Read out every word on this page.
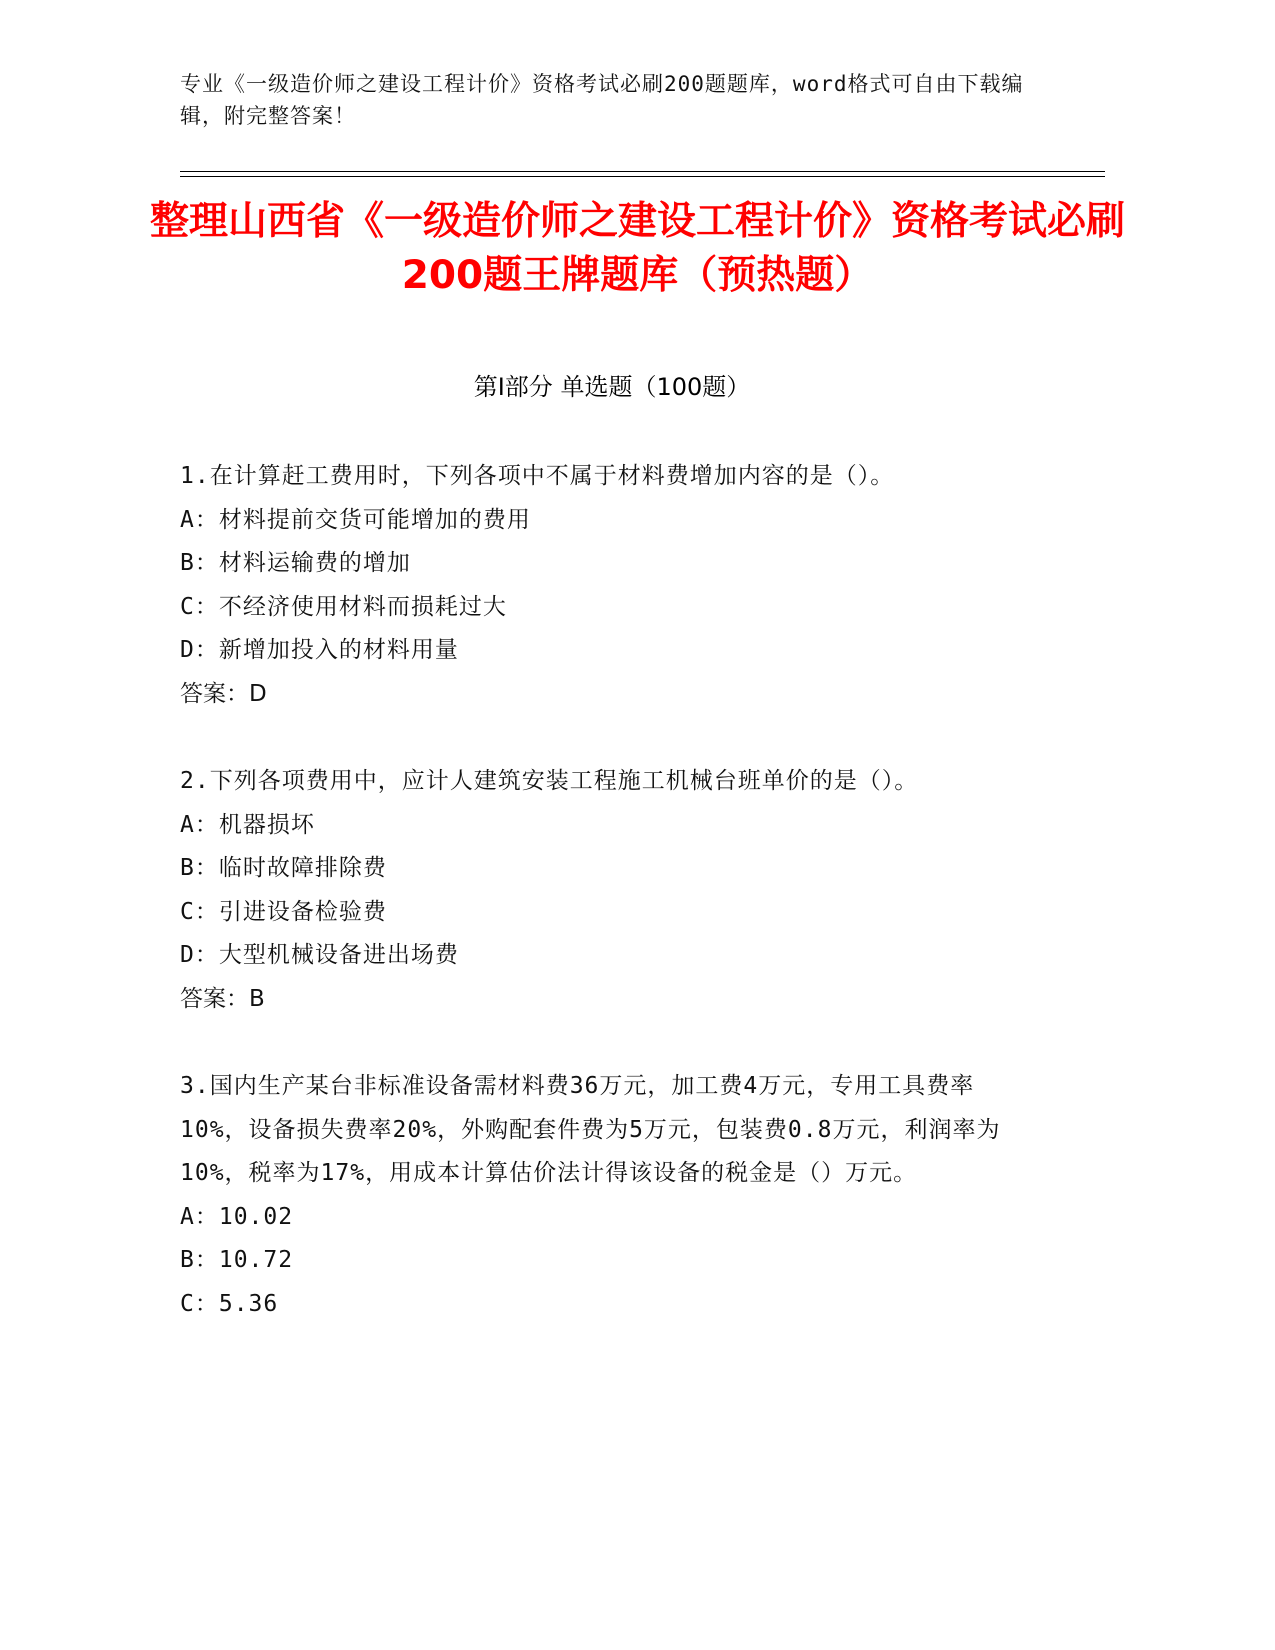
专业《一级造价师之建设工程计价》资格考试必刷200题题库，word格式可自由下载编辑，附完整答案！
整理山西省《一级造价师之建设工程计价》资格考试必刷200题王牌题库（预热题）
第I部分 单选题（100题）
1.在计算赶工费用时，下列各项中不属于材料费增加内容的是（）。
A：材料提前交货可能增加的费用
B：材料运输费的增加
C：不经济使用材料而损耗过大
D：新增加投入的材料用量
答案：D
2.下列各项费用中，应计人建筑安装工程施工机械台班单价的是（）。
A：机器损坏
B：临时故障排除费
C：引进设备检验费
D：大型机械设备进出场费
答案：B
3.国内生产某台非标准设备需材料费36万元，加工费4万元，专用工具费率10%，设备损失费率20%，外购配套件费为5万元，包装费0.8万元，利润率为10%，税率为17%，用成本计算估价法计得该设备的税金是（）万元。
A：10.02
B：10.72
C：5.36
